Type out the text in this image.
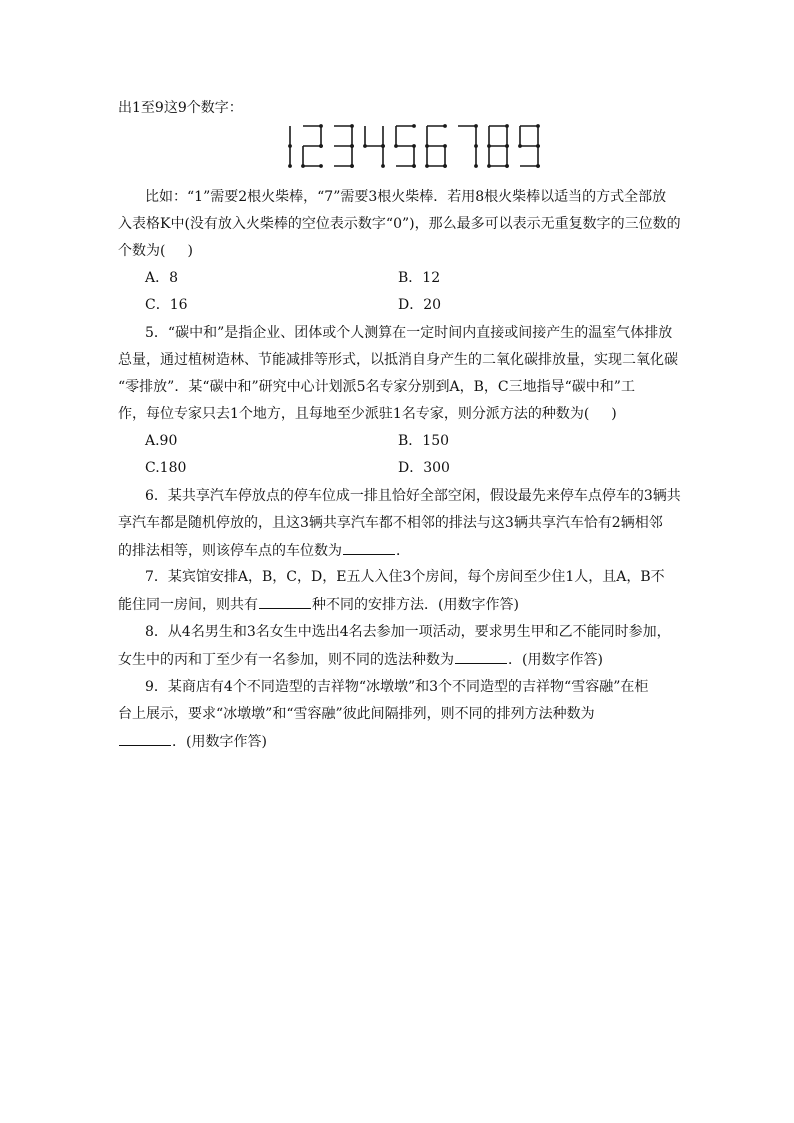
出1至9这9个数字：
比如：“1”需要2根火柴棒，“7”需要3根火柴棒．若用8根火柴棒以适当的方式全部放
入表格K中(没有放入火柴棒的空位表示数字“0”)，那么最多可以表示无重复数字的三位数的
个数为( )
A．8	B．12
C．16	D．20
5．“碳中和”是指企业、团体或个人测算在一定时间内直接或间接产生的温室气体排放
总量，通过植树造林、节能减排等形式，以抵消自身产生的二氧化碳排放量，实现二氧化碳
“零排放”．某“碳中和”研究中心计划派5名专家分别到A，B，C三地指导“碳中和”工
作，每位专家只去1个地方，且每地至少派驻1名专家，则分派方法的种数为( )
A.90	B．150
C.180	D．300
6．某共享汽车停放点的停车位成一排且恰好全部空闲，假设最先来停车点停车的3辆共
享汽车都是随机停放的，且这3辆共享汽车都不相邻的排法与这3辆共享汽车恰有2辆相邻
的排法相等，则该停车点的车位数为	．
7．某宾馆安排A，B，C，D，E五人入住3个房间，每个房间至少住1人，且A，B不
能住同一房间，则共有	种不同的安排方法．(用数字作答)
8．从4名男生和3名女生中选出4名去参加一项活动，要求男生甲和乙不能同时参加，
女生中的丙和丁至少有一名参加，则不同的选法种数为	．(用数字作答)
9．某商店有4个不同造型的吉祥物“冰墩墩”和3个不同造型的吉祥物“雪容融”在柜
台上展示，要求“冰墩墩”和“雪容融”彼此间隔排列，则不同的排列方法种数为
．(用数字作答)
